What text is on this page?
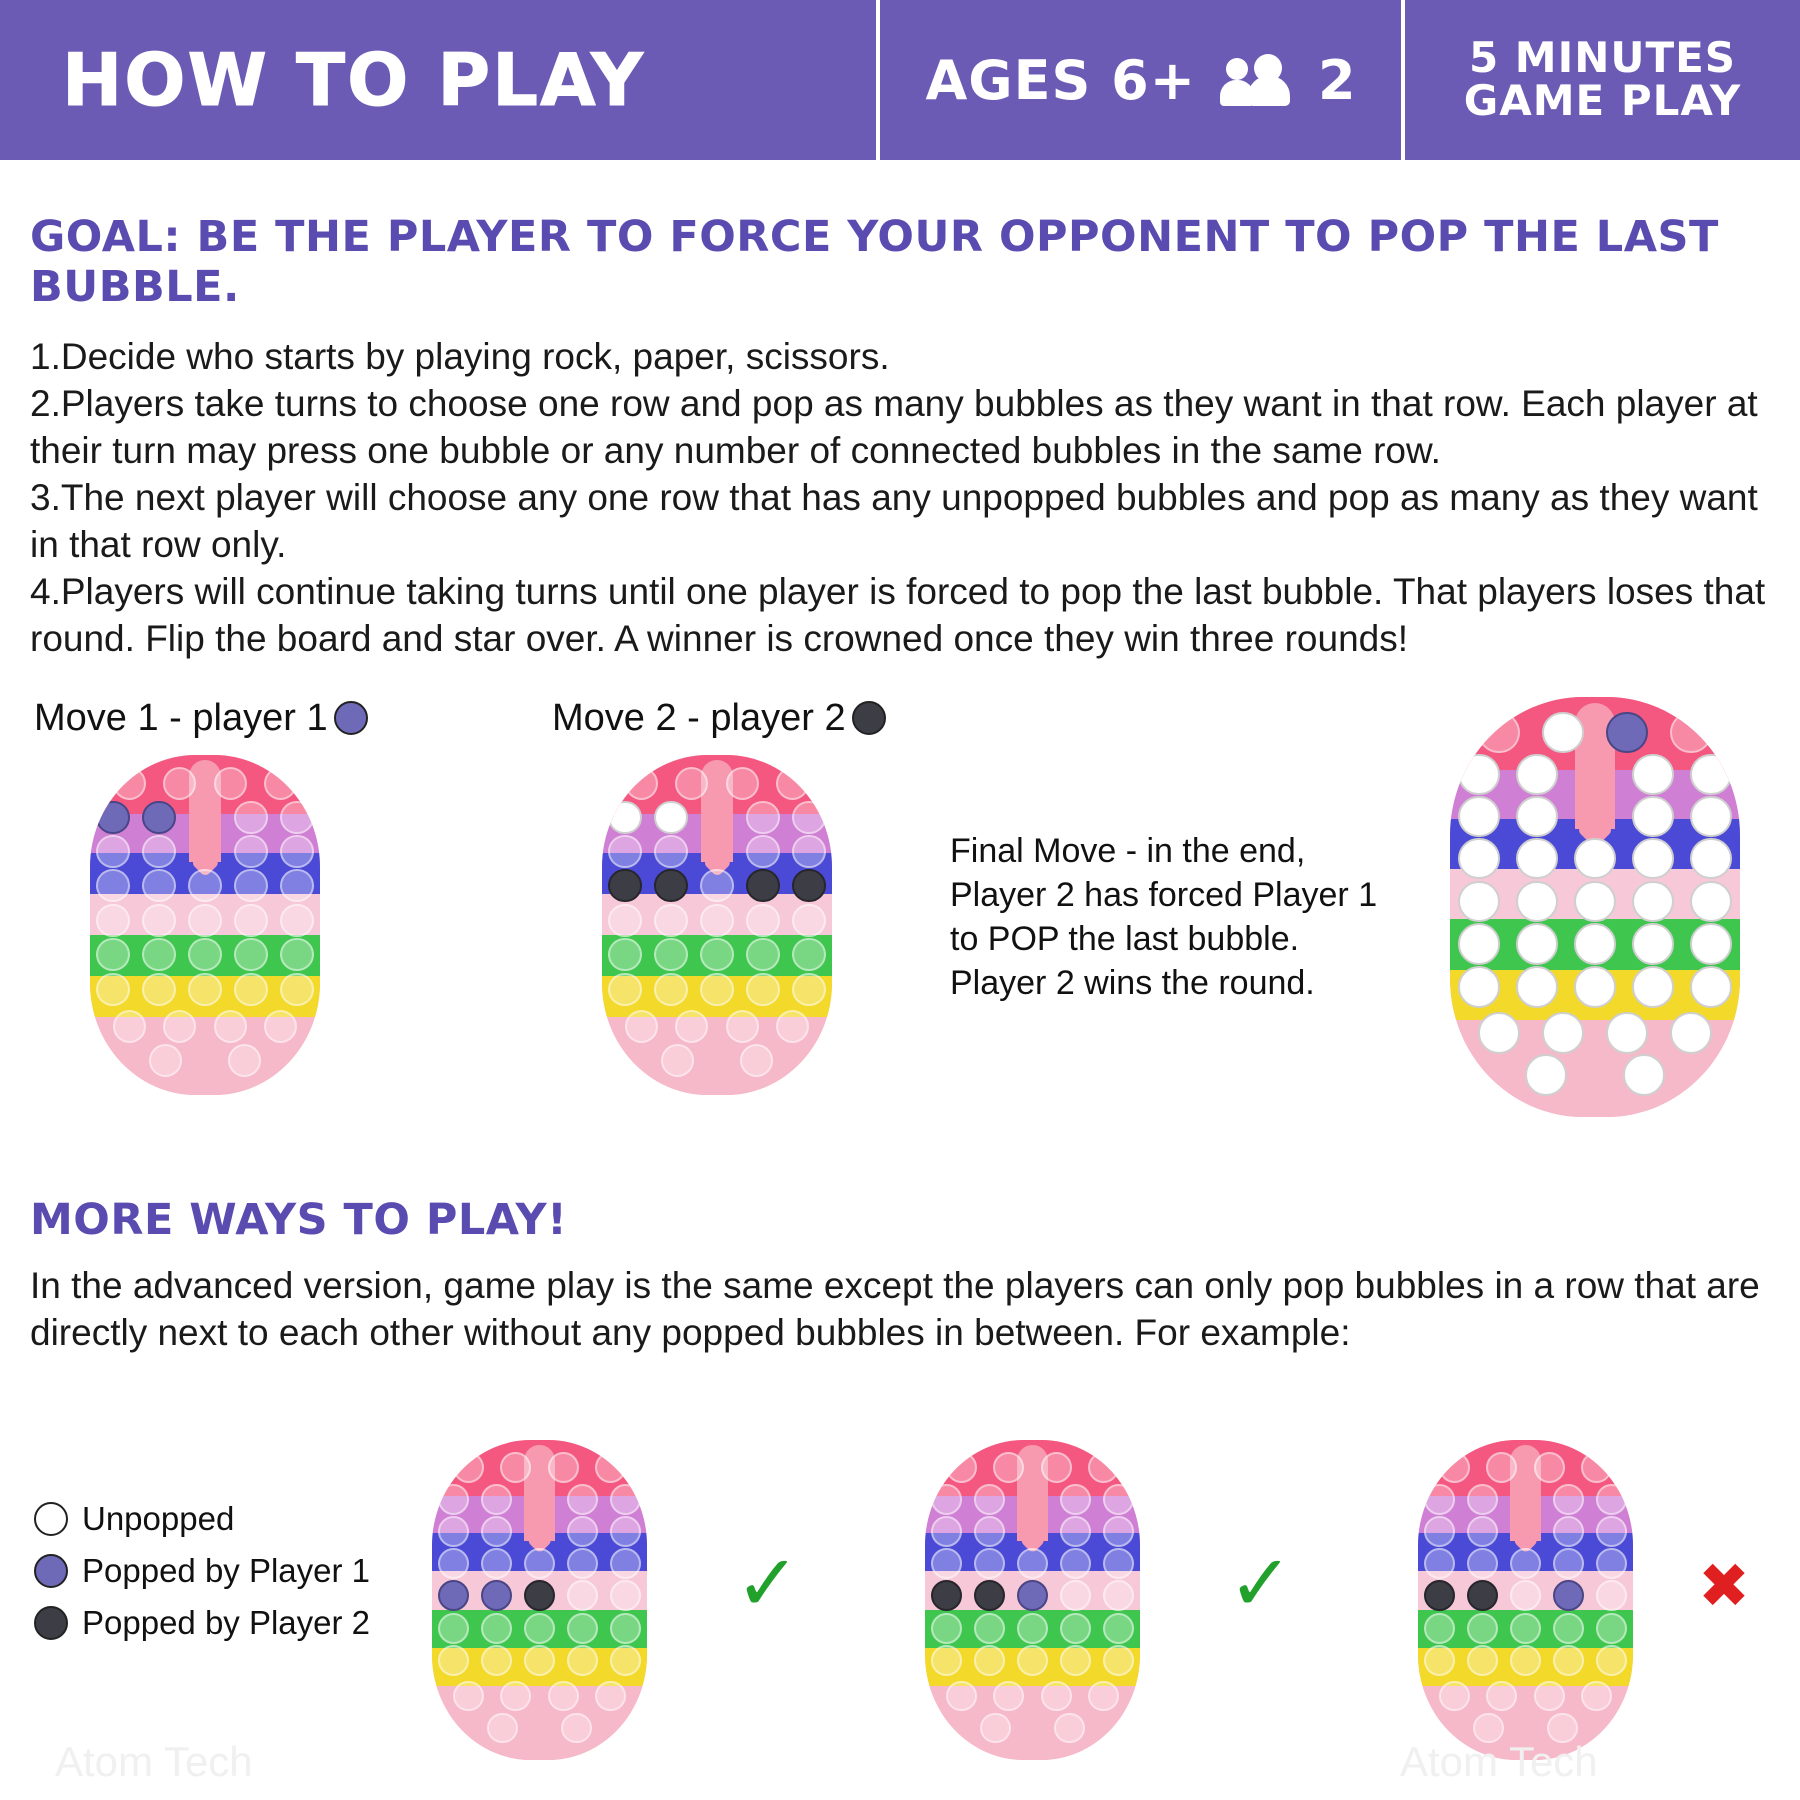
HOW TO PLAY	AGES 6+ 2	5 MINUTES
GAME PLAY
GOAL: BE THE PLAYER TO FORCE YOUR OPPONENT TO POP THE LAST BUBBLE.

1.Decide who starts by playing rock, paper, scissors.

2.Players take turns to choose one row and pop as many bubbles as they want in that row. Each player at their turn may press one bubble or any number of connected bubbles in the same row.

3.The next player will choose any one row that has any unpopped bubbles and pop as many as they want in that row only.

4.Players will continue taking turns until one player is forced to pop the last bubble. That players loses that round. Flip the board and star over. A winner is crowned once they win three rounds!

Move 1 - player 1	Move 2 - player 2
Final Move - in the end,
Player 2 has forced Player 1
to POP the last bubble.
Player 2 wins the round.
MORE WAYS TO PLAY!
In the advanced version, game play is the same except the players can only pop bubbles in a row that are directly next to each other without any popped bubbles in between. For example:
Unpopped
Popped by Player 1
Popped by Player 2	✓	✓	✖
Atom Tech	Atom Tech
